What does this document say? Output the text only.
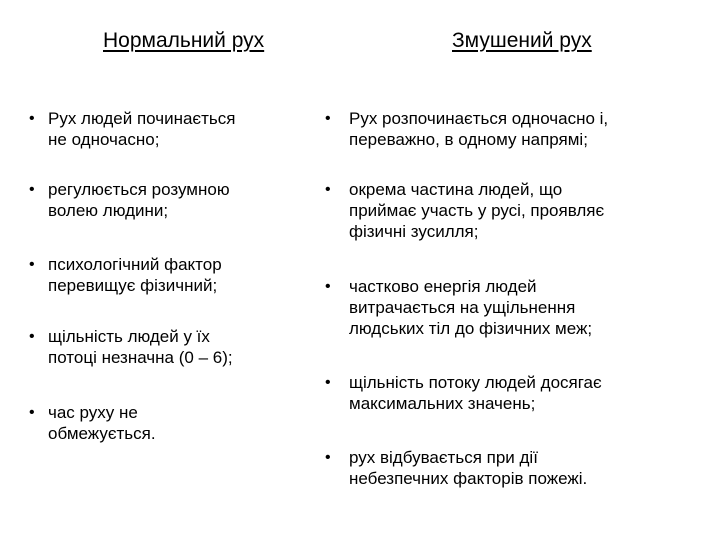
Нормальний рух	Змушений рух
• Рух людей починається
не одночасно;
• регулюється розумною
волею людини;
• психологічний фактор
перевищує фізичний;
• щільність людей у їх
потоці незначна (0 – 6);
• час руху не
обмежується.
• Рух розпочинається одночасно і,
переважно, в одному напрямі;
• окрема частина людей, що
приймає участь у русі, проявляє
фізичні зусилля;
• частково енергія людей
витрачається на ущільнення
людських тіл до фізичних меж;
• щільність потоку людей досягає
максимальних значень;
• рух відбувається при дії
небезпечних факторів пожежі.
